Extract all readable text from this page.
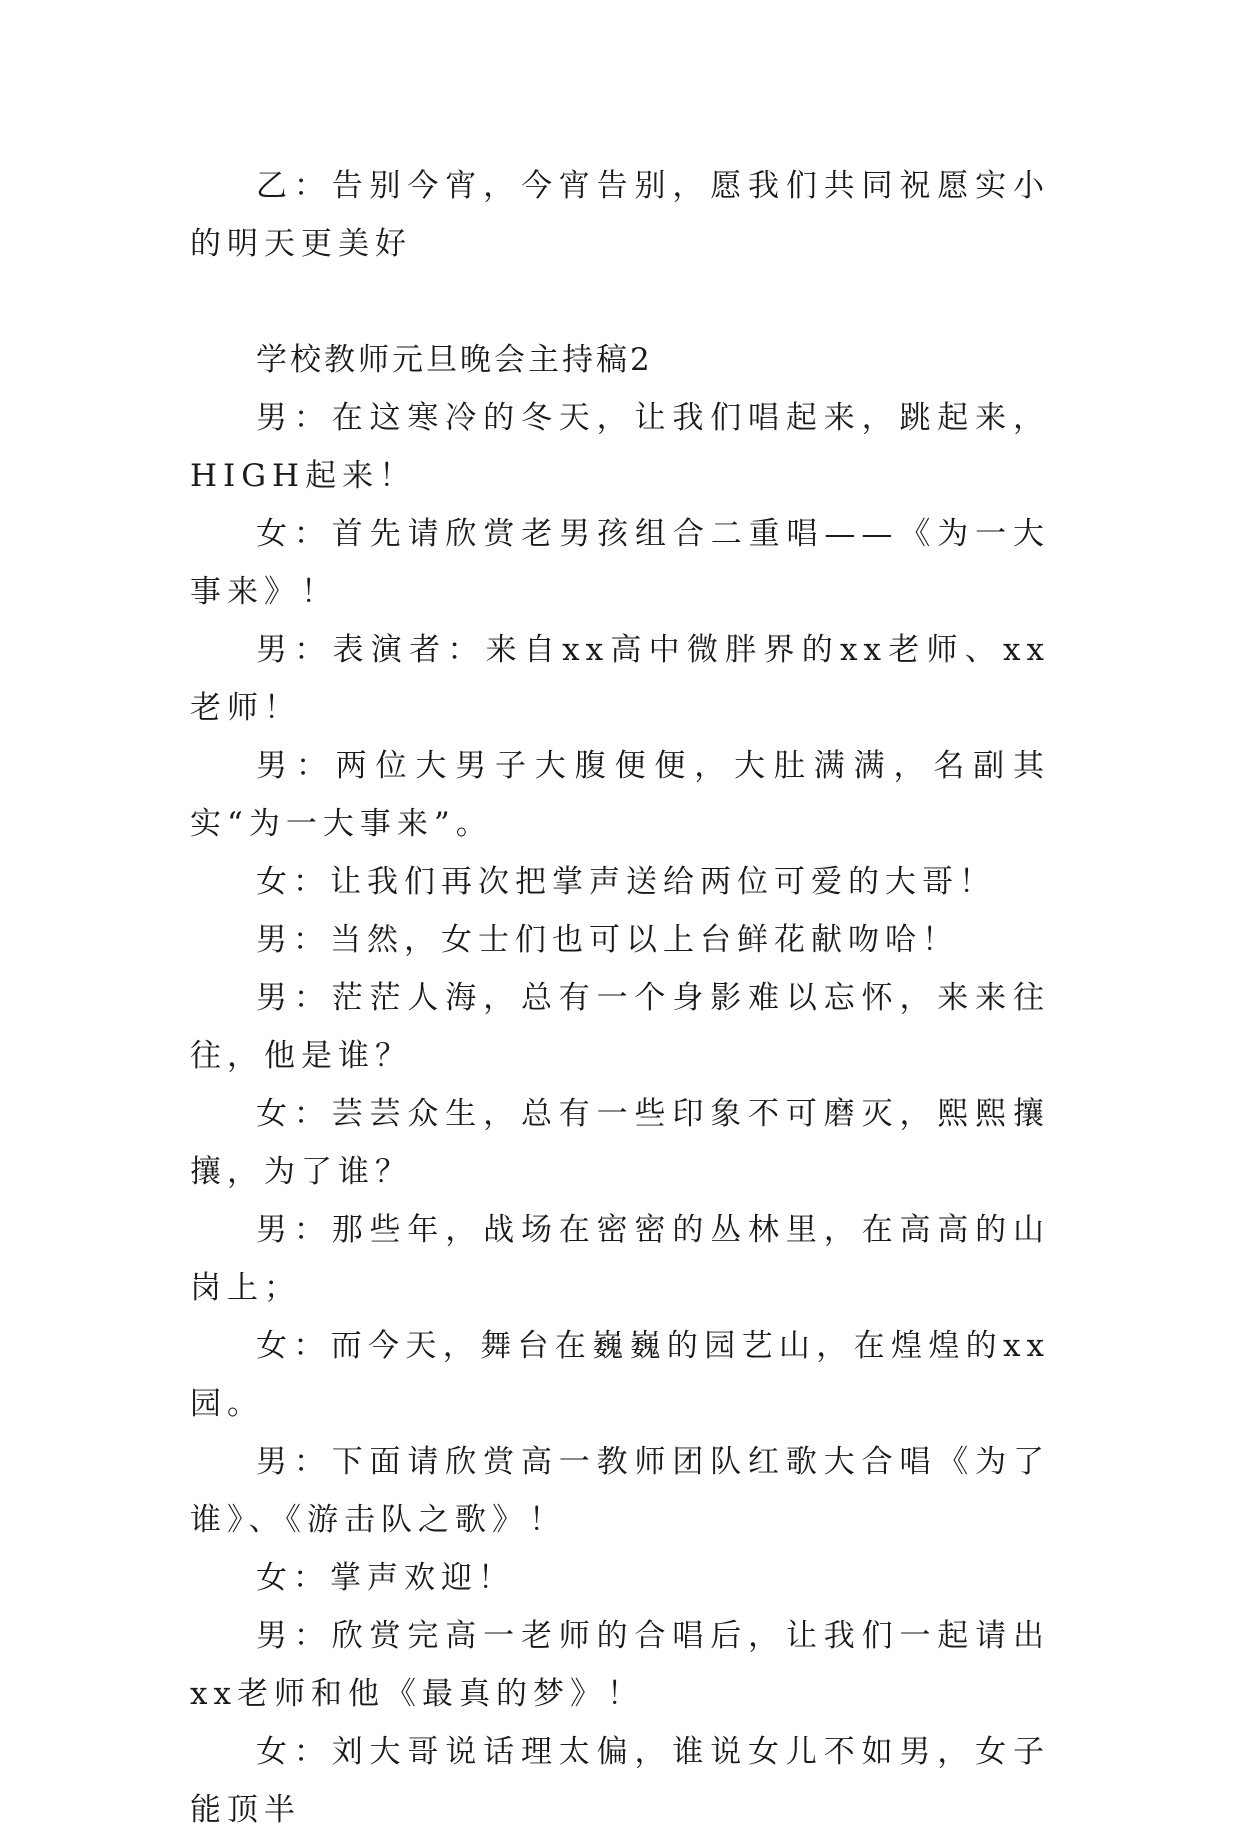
乙：告别今宵，今宵告别，愿我们共同祝愿实小的明天更美好

学校教师元旦晚会主持稿2

男：在这寒冷的冬天，让我们唱起来，跳起来，HIGH起来！

女：首先请欣赏老男孩组合二重唱——《为一大事来》！

男：表演者：来自xx高中微胖界的xx老师、xx老师！

男：两位大男子大腹便便，大肚满满，名副其实“为一大事来”。

女：让我们再次把掌声送给两位可爱的大哥！

男：当然，女士们也可以上台鲜花献吻哈！

男：茫茫人海，总有一个身影难以忘怀，来来往往，他是谁？

女：芸芸众生，总有一些印象不可磨灭，熙熙攘攘，为了谁？

男：那些年，战场在密密的丛林里，在高高的山岗上；

女：而今天，舞台在巍巍的园艺山，在煌煌的xx园。

男：下面请欣赏高一教师团队红歌大合唱《为了谁》、《游击队之歌》！

女：掌声欢迎！

男：欣赏完高一老师的合唱后，让我们一起请出xx老师和他《最真的梦》！

女：刘大哥说话理太偏，谁说女儿不如男，女子能顶半
